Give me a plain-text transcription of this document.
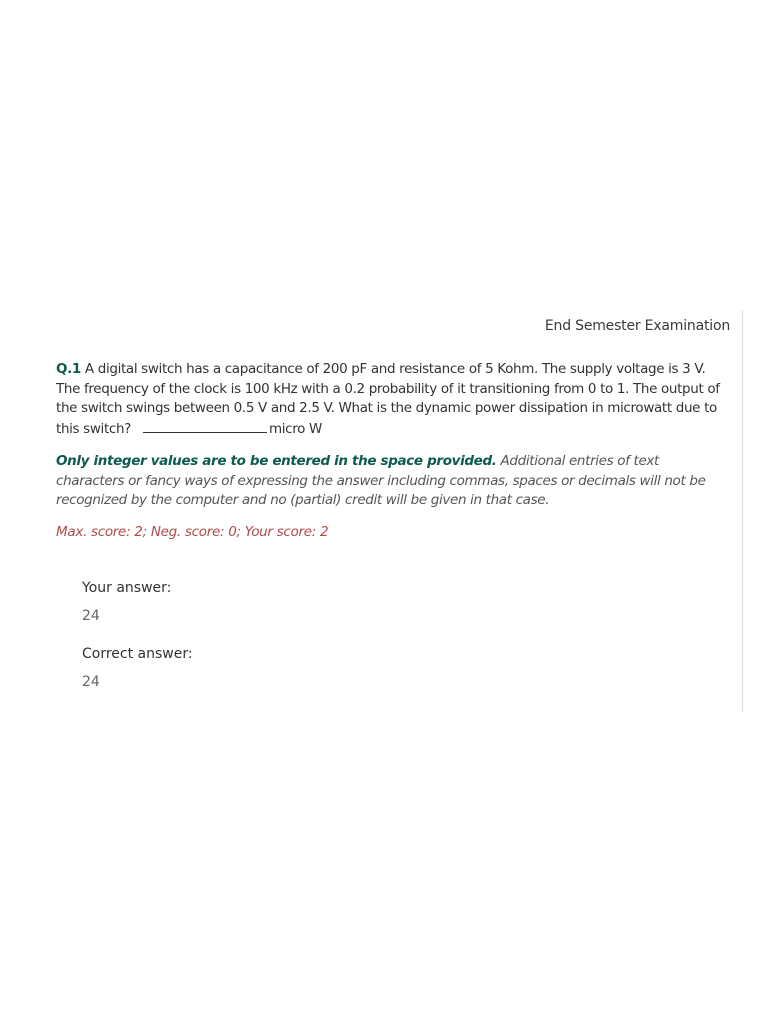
End Semester Examination
Q.1 A digital switch has a capacitance of 200 pF and resistance of 5 Kohm. The supply voltage is 3 V. The frequency of the clock is 100 kHz with a 0.2 probability of it transitioning from 0 to 1. The output of the switch swings between 0.5 V and 2.5 V. What is the dynamic power dissipation in microwatt due to this switch?	micro W
Only integer values are to be entered in the space provided. Additional entries of text characters or fancy ways of expressing the answer including commas, spaces or decimals will not be recognized by the computer and no (partial) credit will be given in that case.
Max. score: 2; Neg. score: 0; Your score: 2
Your answer:
24
Correct answer:
24
